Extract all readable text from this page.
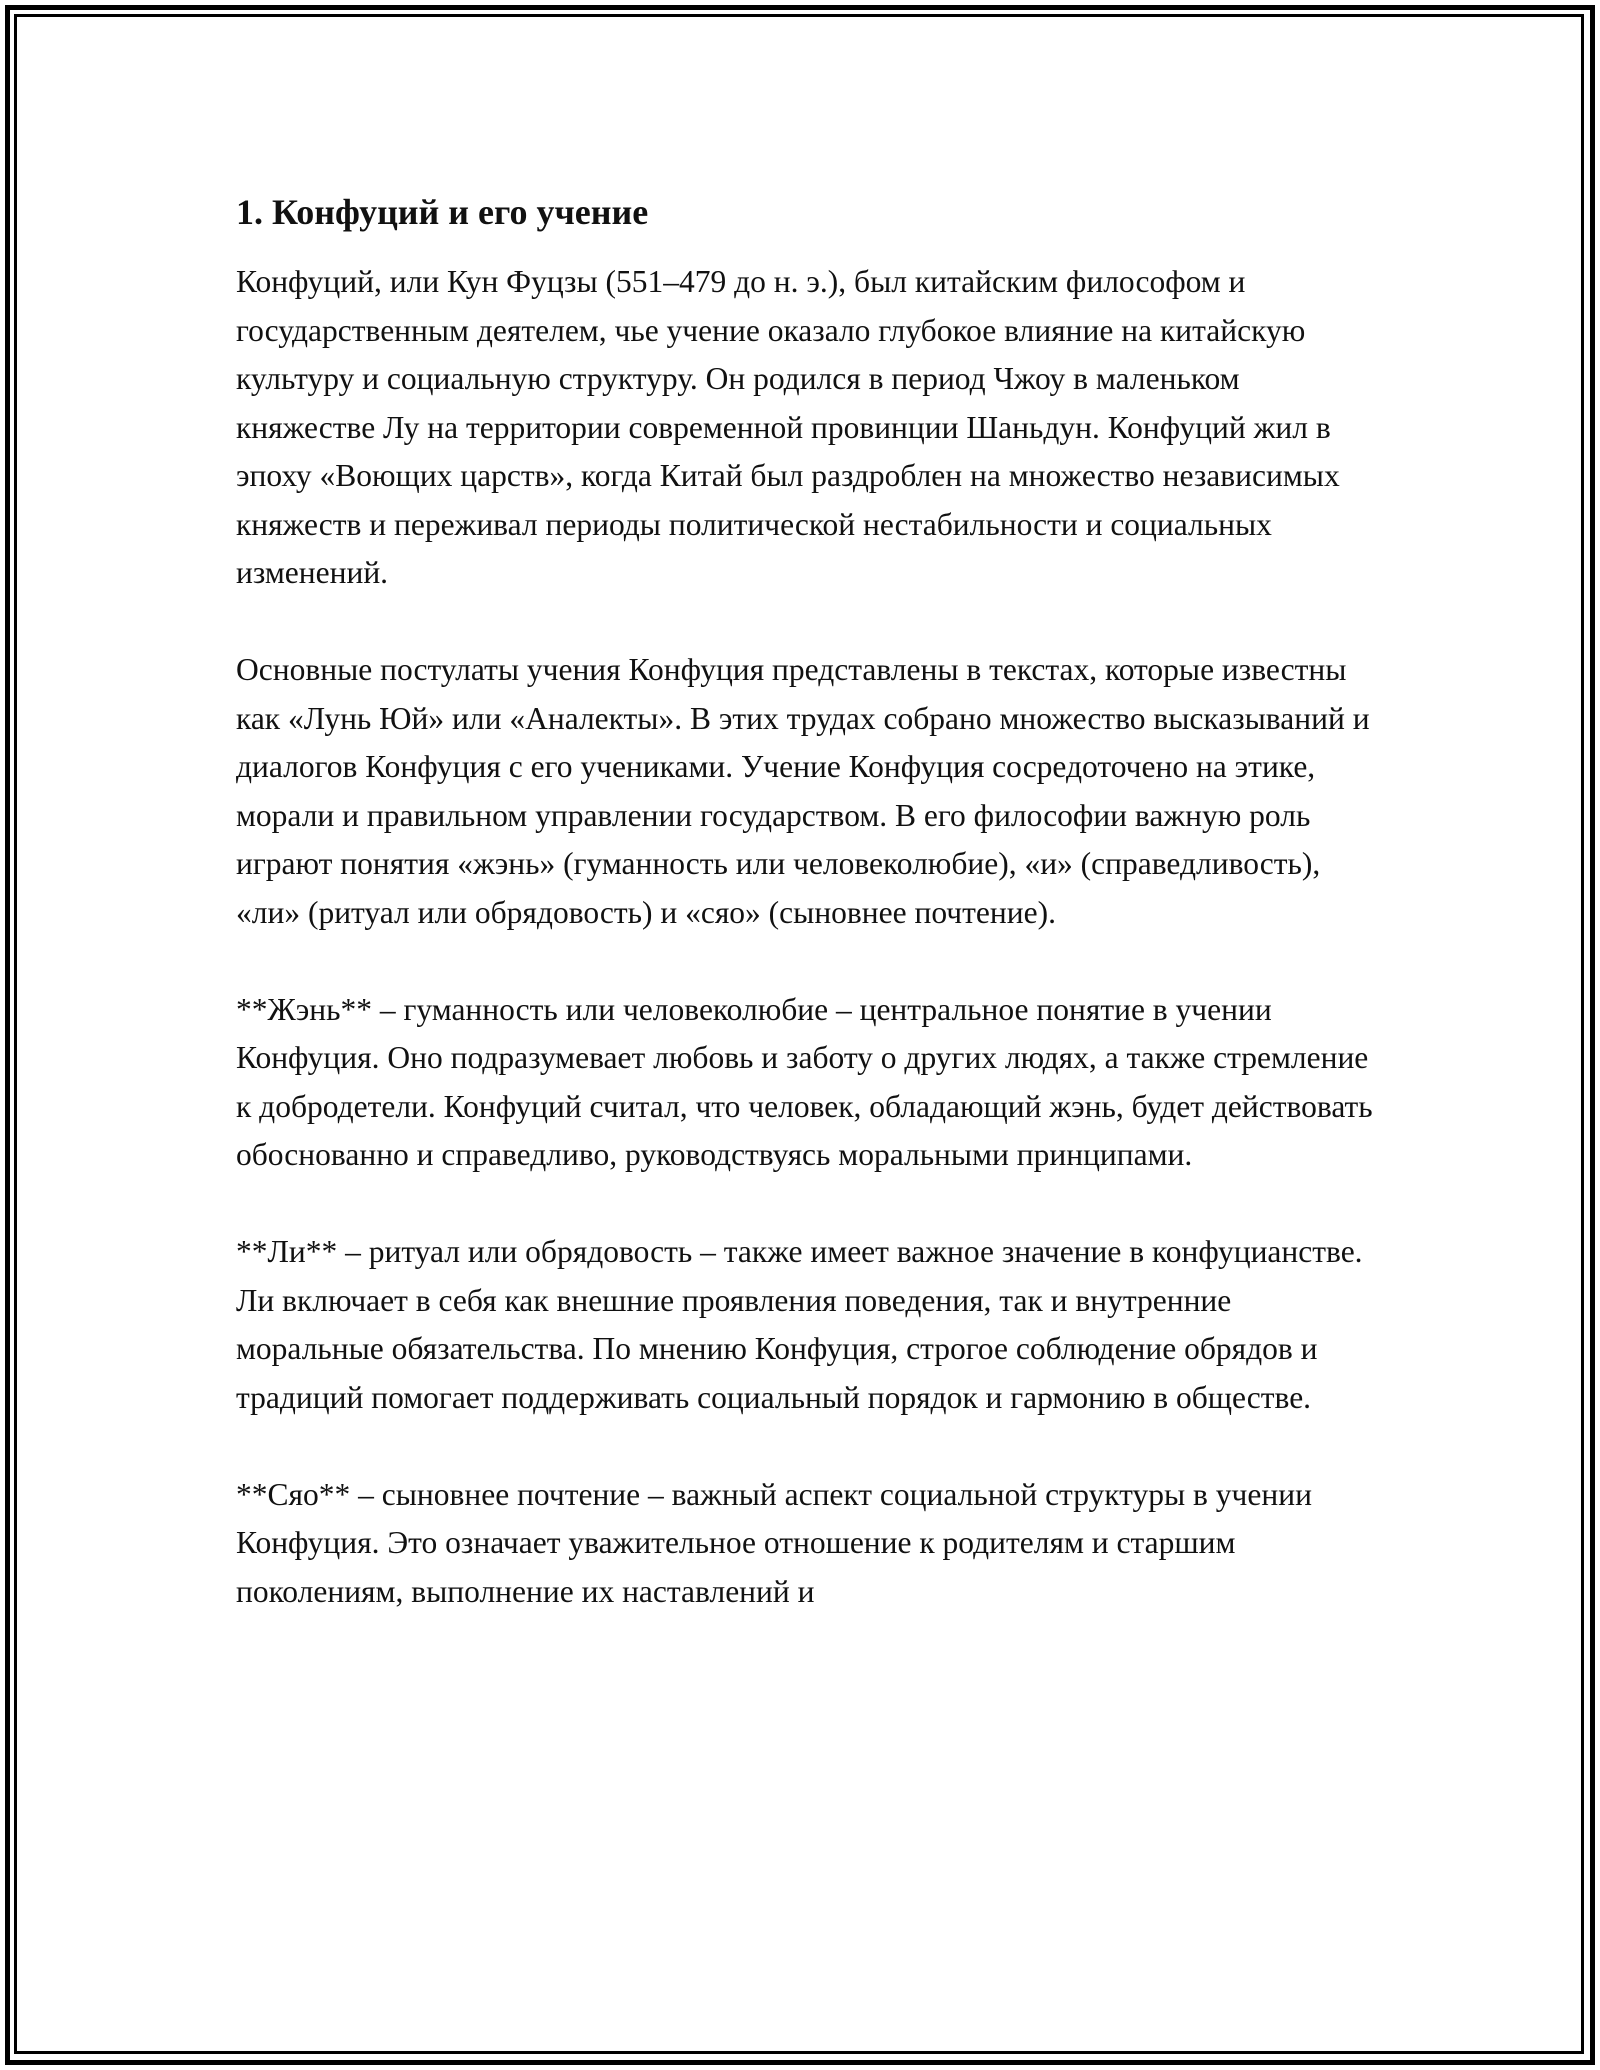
1. Конфуций и его учение

Конфуций, или Кун Фуцзы (551–479 до н. э.), был китайским философом и государственным деятелем, чье учение оказало глубокое влияние на китайскую культуру и социальную структуру. Он родился в период Чжоу в маленьком княжестве Лу на территории современной провинции Шаньдун. Конфуций жил в эпоху «Воющих царств», когда Китай был раздроблен на множество независимых княжеств и переживал периоды политической нестабильности и социальных изменений.

Основные постулаты учения Конфуция представлены в текстах, которые известны как «Лунь Юй» или «Аналекты». В этих трудах собрано множество высказываний и диалогов Конфуция с его учениками. Учение Конфуция сосредоточено на этике, морали и правильном управлении государством. В его философии важную роль играют понятия «жэнь» (гуманность или человеколюбие), «и» (справедливость), «ли» (ритуал или обрядовость) и «сяо» (сыновнее почтение).

**Жэнь** – гуманность или человеколюбие – центральное понятие в учении Конфуция. Оно подразумевает любовь и заботу о других людях, а также стремление к добродетели. Конфуций считал, что человек, обладающий жэнь, будет действовать обоснованно и справедливо, руководствуясь моральными принципами.

**Ли** – ритуал или обрядовость – также имеет важное значение в конфуцианстве. Ли включает в себя как внешние проявления поведения, так и внутренние моральные обязательства. По мнению Конфуция, строгое соблюдение обрядов и традиций помогает поддерживать социальный порядок и гармонию в обществе.

**Сяо** – сыновнее почтение – важный аспект социальной структуры в учении Конфуция. Это означает уважительное отношение к родителям и старшим поколениям, выполнение их наставлений и
